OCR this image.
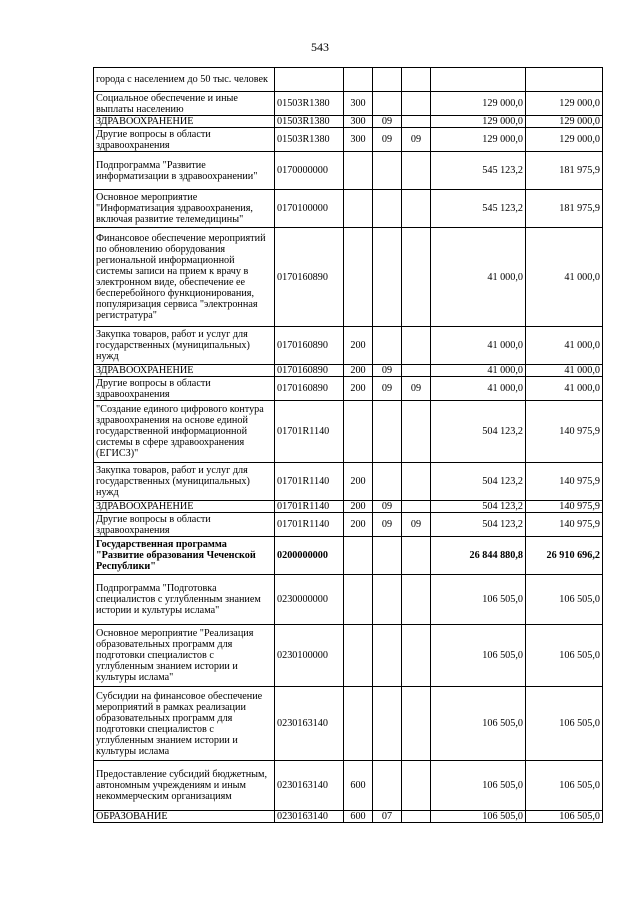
543
города с населением до 50 тыс. человек						
Социальное обеспечение и иные выплаты населению	01503R1380	300			129 000,0	129 000,0
ЗДРАВООХРАНЕНИЕ	01503R1380	300	09		129 000,0	129 000,0
Другие вопросы в области здравоохранения	01503R1380	300	09	09	129 000,0	129 000,0
Подпрограмма "Развитие информатизации в здравоохранении"	0170000000				545 123,2	181 975,9
Основное мероприятие "Информатизация здравоохранения, включая развитие телемедицины"	0170100000				545 123,2	181 975,9
Финансовое обеспечение мероприятий по обновлению оборудования региональной информационной системы записи на прием к врачу в электронном виде, обеспечение ее бесперебойного функционирования, популяризация сервиса "электронная регистратура"	0170160890				41 000,0	41 000,0
Закупка товаров, работ и услуг для государственных (муниципальных) нужд	0170160890	200			41 000,0	41 000,0
ЗДРАВООХРАНЕНИЕ	0170160890	200	09		41 000,0	41 000,0
Другие вопросы в области здравоохранения	0170160890	200	09	09	41 000,0	41 000,0
"Создание единого цифрового контура здравоохранения на основе единой государственной информационной системы в сфере здравоохранения (ЕГИСЗ)"	01701R1140				504 123,2	140 975,9
Закупка товаров, работ и услуг для государственных (муниципальных) нужд	01701R1140	200			504 123,2	140 975,9
ЗДРАВООХРАНЕНИЕ	01701R1140	200	09		504 123,2	140 975,9
Другие вопросы в области здравоохранения	01701R1140	200	09	09	504 123,2	140 975,9
Государственная программа "Развитие образования Чеченской Республики"	0200000000				26 844 880,8	26 910 696,2
Подпрограмма "Подготовка специалистов с углубленным знанием истории и культуры ислама"	0230000000				106 505,0	106 505,0
Основное мероприятие "Реализация образовательных программ для подготовки специалистов с углубленным знанием истории и культуры ислама"	0230100000				106 505,0	106 505,0
Субсидии на финансовое обеспечение мероприятий в рамках реализации образовательных программ для подготовки специалистов с углубленным знанием истории и культуры ислама	0230163140				106 505,0	106 505,0
Предоставление субсидий бюджетным, автономным учреждениям и иным некоммерческим организациям	0230163140	600			106 505,0	106 505,0
ОБРАЗОВАНИЕ	0230163140	600	07		106 505,0	106 505,0
